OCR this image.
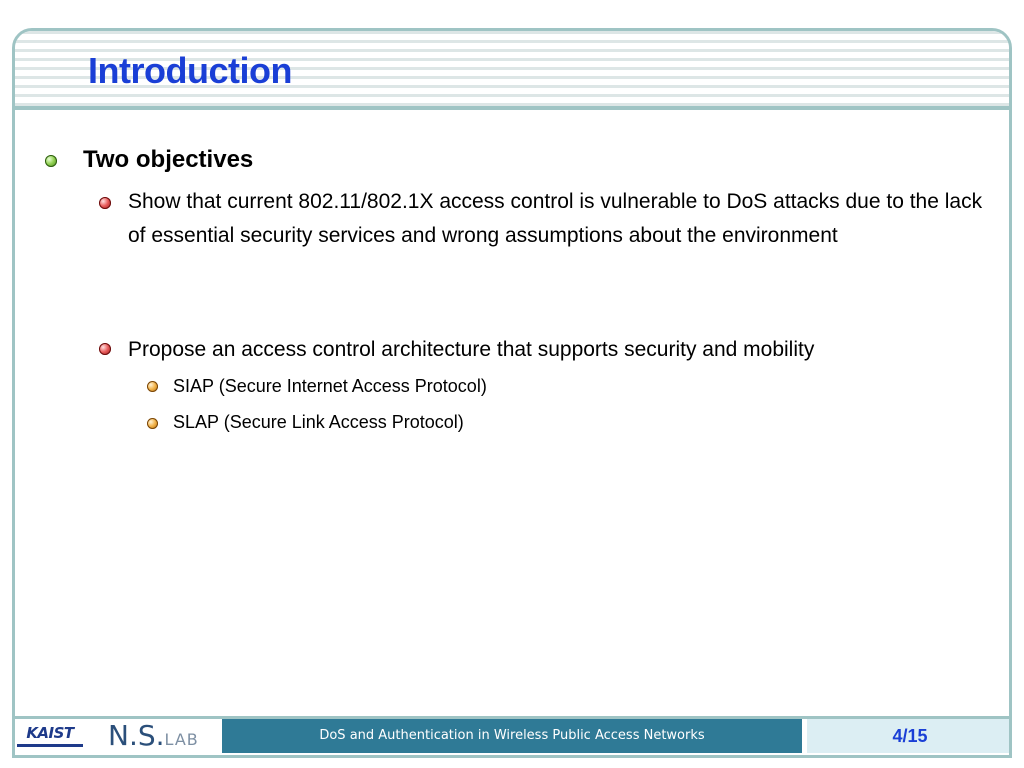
Introduction

Two objectives

Show that current 802.11/802.1X access control is vulnerable to DoS attacks due to the lack of essential security services and wrong assumptions about the environment

Propose an access control architecture that supports security and mobility

SIAP (Secure Internet Access Protocol)

SLAP (Secure Link Access Protocol)

KAIST	N.S.LAB	DoS and Authentication in Wireless Public Access Networks	4/15
